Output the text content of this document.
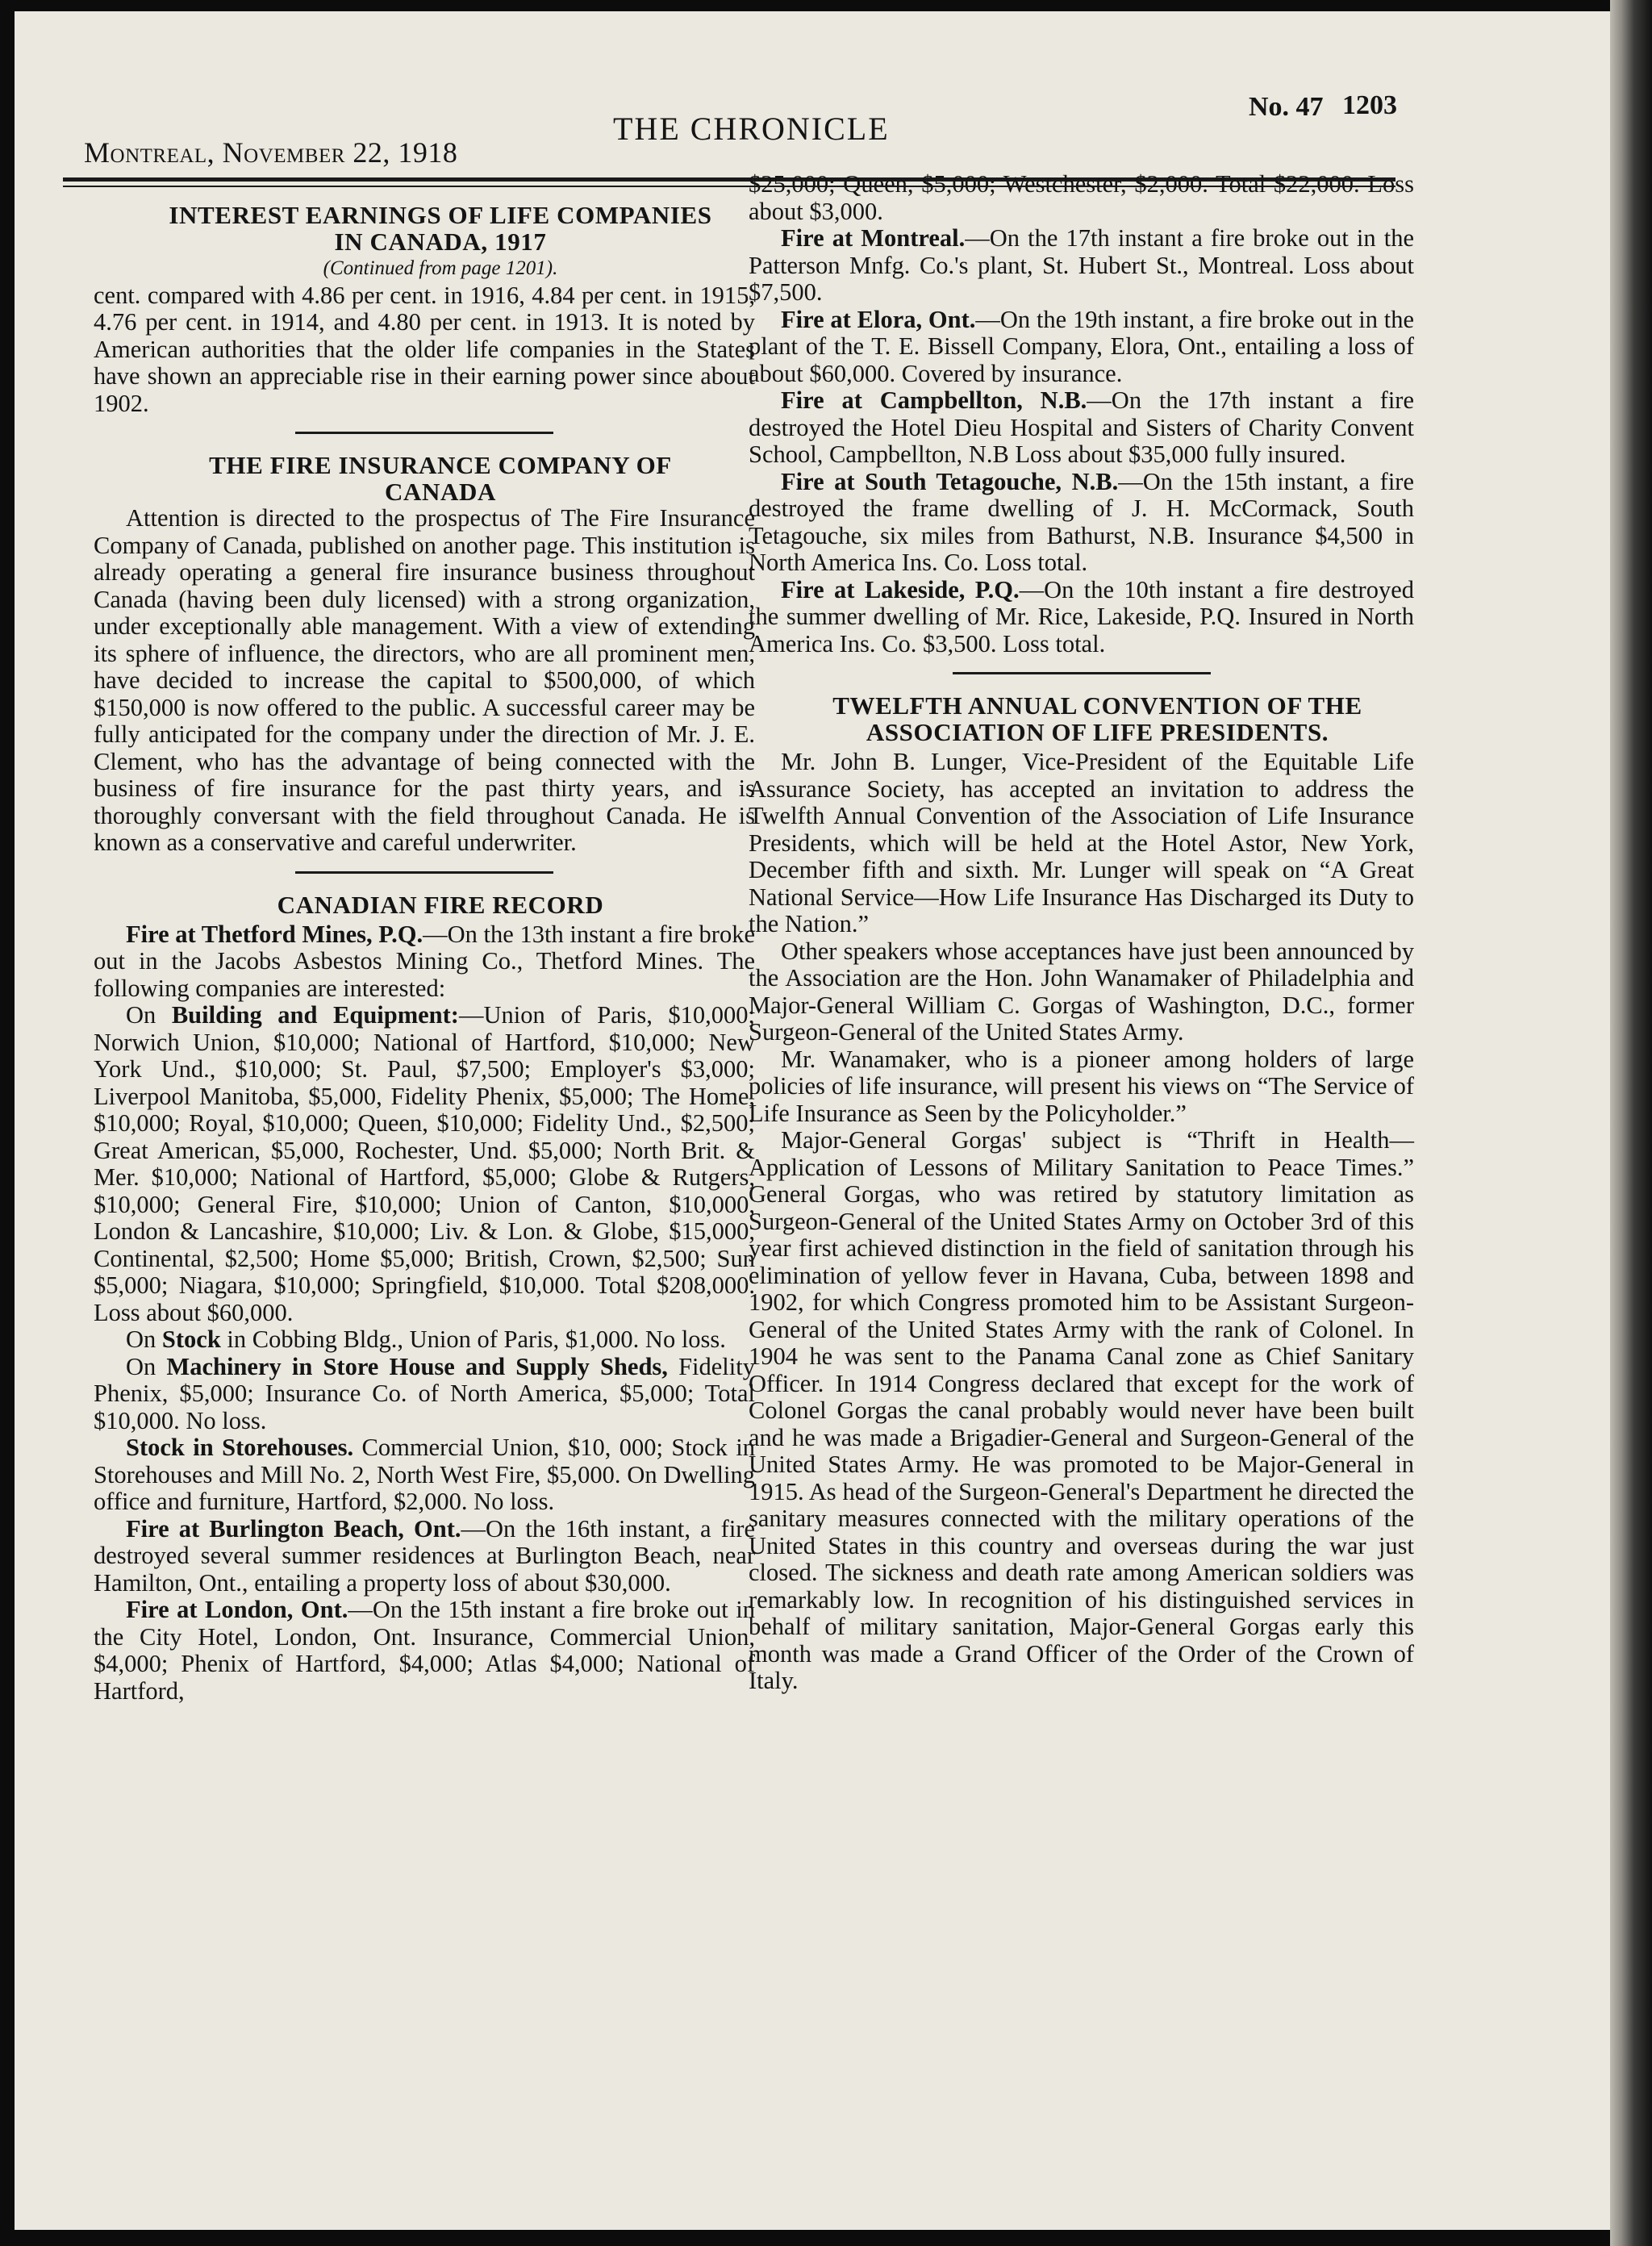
Montreal, November 22, 1918
THE CHRONICLE
No. 47 1203

INTEREST EARNINGS OF LIFE COMPANIES

IN CANADA, 1917

(Continued from page 1201).

cent. compared with 4.86 per cent. in 1916, 4.84 per cent. in 1915, 4.76 per cent. in 1914, and 4.80 per cent. in 1913. It is noted by American authorities that the older life companies in the States have shown an appreciable rise in their earning power since about 1902.

THE FIRE INSURANCE COMPANY OF

CANADA

Attention is directed to the prospectus of The Fire Insurance Company of Canada, published on another page. This institution is already operating a general fire insurance business throughout Canada (having been duly licensed) with a strong organization, under exceptionally able management. With a view of extending its sphere of influence, the directors, who are all prominent men, have decided to increase the capital to $500,000, of which $150,000 is now offered to the public. A successful career may be fully anticipated for the company under the direction of Mr. J. E. Clement, who has the advantage of being connected with the business of fire insurance for the past thirty years, and is thoroughly conversant with the field throughout Canada. He is known as a conservative and careful underwriter.

CANADIAN FIRE RECORD

Fire at Thetford Mines, P.Q.—On the 13th instant a fire broke out in the Jacobs Asbestos Mining Co., Thetford Mines. The following companies are interested:

On Building and Equipment:—Union of Paris, $10,000; Norwich Union, $10,000; National of Hartford, $10,000; New York Und., $10,000; St. Paul, $7,500; Employer's $3,000; Liverpool Manitoba, $5,000, Fidelity Phenix, $5,000; The Home, $10,000; Royal, $10,000; Queen, $10,000; Fidelity Und., $2,500; Great American, $5,000, Rochester, Und. $5,000; North Brit. & Mer. $10,000; National of Hartford, $5,000; Globe & Rutgers, $10,000; General Fire, $10,000; Union of Canton, $10,000, London & Lancashire, $10,000; Liv. & Lon. & Globe, $15,000, Continental, $2,500; Home $5,000; British, Crown, $2,500; Sun $5,000; Niagara, $10,000; Springfield, $10,000. Total $208,000. Loss about $60,000.

On Stock in Cobbing Bldg., Union of Paris, $1,000. No loss.

On Machinery in Store House and Supply Sheds, Fidelity Phenix, $5,000; Insurance Co. of North America, $5,000; Total $10,000. No loss.

Stock in Storehouses. Commercial Union, $10, 000; Stock in Storehouses and Mill No. 2, North West Fire, $5,000. On Dwelling office and furniture, Hartford, $2,000. No loss.

Fire at Burlington Beach, Ont.—On the 16th instant, a fire destroyed several summer residences at Burlington Beach, near Hamilton, Ont., entailing a property loss of about $30,000.

Fire at London, Ont.—On the 15th instant a fire broke out in the City Hotel, London, Ont. Insurance, Commercial Union, $4,000; Phenix of Hartford, $4,000; Atlas $4,000; National of Hartford,

$25,000; Queen, $5,000; Westchester, $2,000. Total $22,000. Loss about $3,000.

Fire at Montreal.—On the 17th instant a fire broke out in the Patterson Mnfg. Co.'s plant, St. Hubert St., Montreal. Loss about $7,500.

Fire at Elora, Ont.—On the 19th instant, a fire broke out in the plant of the T. E. Bissell Company, Elora, Ont., entailing a loss of about $60,000. Covered by insurance.

Fire at Campbellton, N.B.—On the 17th instant a fire destroyed the Hotel Dieu Hospital and Sisters of Charity Convent School, Campbellton, N.B Loss about $35,000 fully insured.

Fire at South Tetagouche, N.B.—On the 15th instant, a fire destroyed the frame dwelling of J. H. McCormack, South Tetagouche, six miles from Bathurst, N.B. Insurance $4,500 in North America Ins. Co. Loss total.

Fire at Lakeside, P.Q.—On the 10th instant a fire destroyed the summer dwelling of Mr. Rice, Lakeside, P.Q. Insured in North America Ins. Co. $3,500. Loss total.

TWELFTH ANNUAL CONVENTION OF THE

ASSOCIATION OF LIFE PRESIDENTS.

Mr. John B. Lunger, Vice-President of the Equitable Life Assurance Society, has accepted an invitation to address the Twelfth Annual Convention of the Association of Life Insurance Presidents, which will be held at the Hotel Astor, New York, December fifth and sixth. Mr. Lunger will speak on “A Great National Service—How Life Insurance Has Discharged its Duty to the Nation.”

Other speakers whose acceptances have just been announced by the Association are the Hon. John Wanamaker of Philadelphia and Major-General William C. Gorgas of Washington, D.C., former Surgeon-General of the United States Army.

Mr. Wanamaker, who is a pioneer among holders of large policies of life insurance, will present his views on “The Service of Life Insurance as Seen by the Policyholder.”

Major-General Gorgas' subject is “Thrift in Health—Application of Lessons of Military Sanitation to Peace Times.” General Gorgas, who was retired by statutory limitation as Surgeon-General of the United States Army on October 3rd of this year first achieved distinction in the field of sanitation through his elimination of yellow fever in Havana, Cuba, between 1898 and 1902, for which Congress promoted him to be Assistant Surgeon-General of the United States Army with the rank of Colonel. In 1904 he was sent to the Panama Canal zone as Chief Sanitary Officer. In 1914 Congress declared that except for the work of Colonel Gorgas the canal probably would never have been built and he was made a Brigadier-General and Surgeon-General of the United States Army. He was promoted to be Major-General in 1915. As head of the Surgeon-General's Department he directed the sanitary measures connected with the military operations of the United States in this country and overseas during the war just closed. The sickness and death rate among American soldiers was remarkably low. In recognition of his distinguished services in behalf of military sanitation, Major-General Gorgas early this month was made a Grand Officer of the Order of the Crown of Italy.
